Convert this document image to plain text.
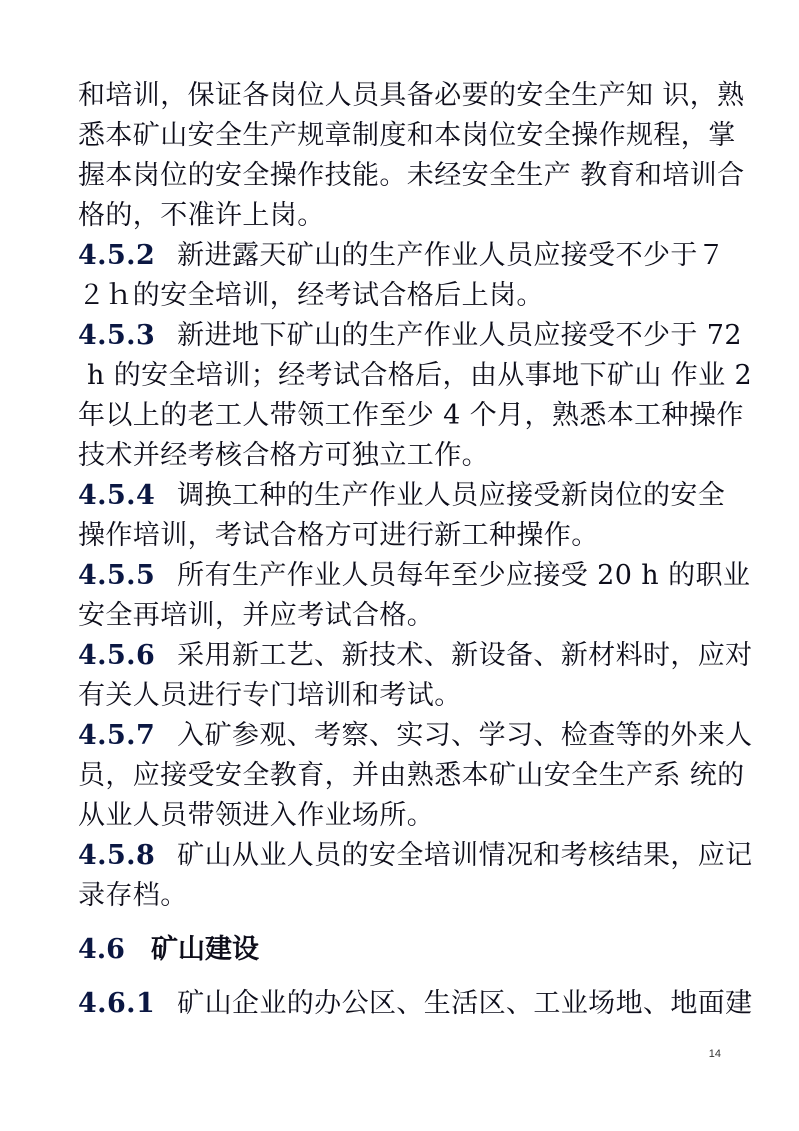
和培训，保证各岗位人员具备必要的安全生产知 识，熟
悉本矿山安全生产规章制度和本岗位安全操作规程，掌
握本岗位的安全操作技能。未经安全生产 教育和培训合
格的，不准许上岗。
4.5.2 新进露天矿山的生产作业人员应接受不少于７
２ｈ的安全培训，经考试合格后上岗。
4.5.3 新进地下矿山的生产作业人员应接受不少于 72
h 的安全培训；经考试合格后，由从事地下矿山 作业 2
年以上的老工人带领工作至少 4 个月，熟悉本工种操作
技术并经考核合格方可独立工作。
4.5.4 调换工种的生产作业人员应接受新岗位的安全
操作培训，考试合格方可进行新工种操作。
4.5.5 所有生产作业人员每年至少应接受 20 h 的职业
安全再培训，并应考试合格。
4.5.6 采用新工艺、新技术、新设备、新材料时，应对
有关人员进行专门培训和考试。
4.5.7 入矿参观、考察、实习、学习、检查等的外来人
员，应接受安全教育，并由熟悉本矿山安全生产系 统的
从业人员带领进入作业场所。
4.5.8 矿山从业人员的安全培训情况和考核结果，应记
录存档。
4.6 矿山建设
4.6.1 矿山企业的办公区、生活区、工业场地、地面建
14
